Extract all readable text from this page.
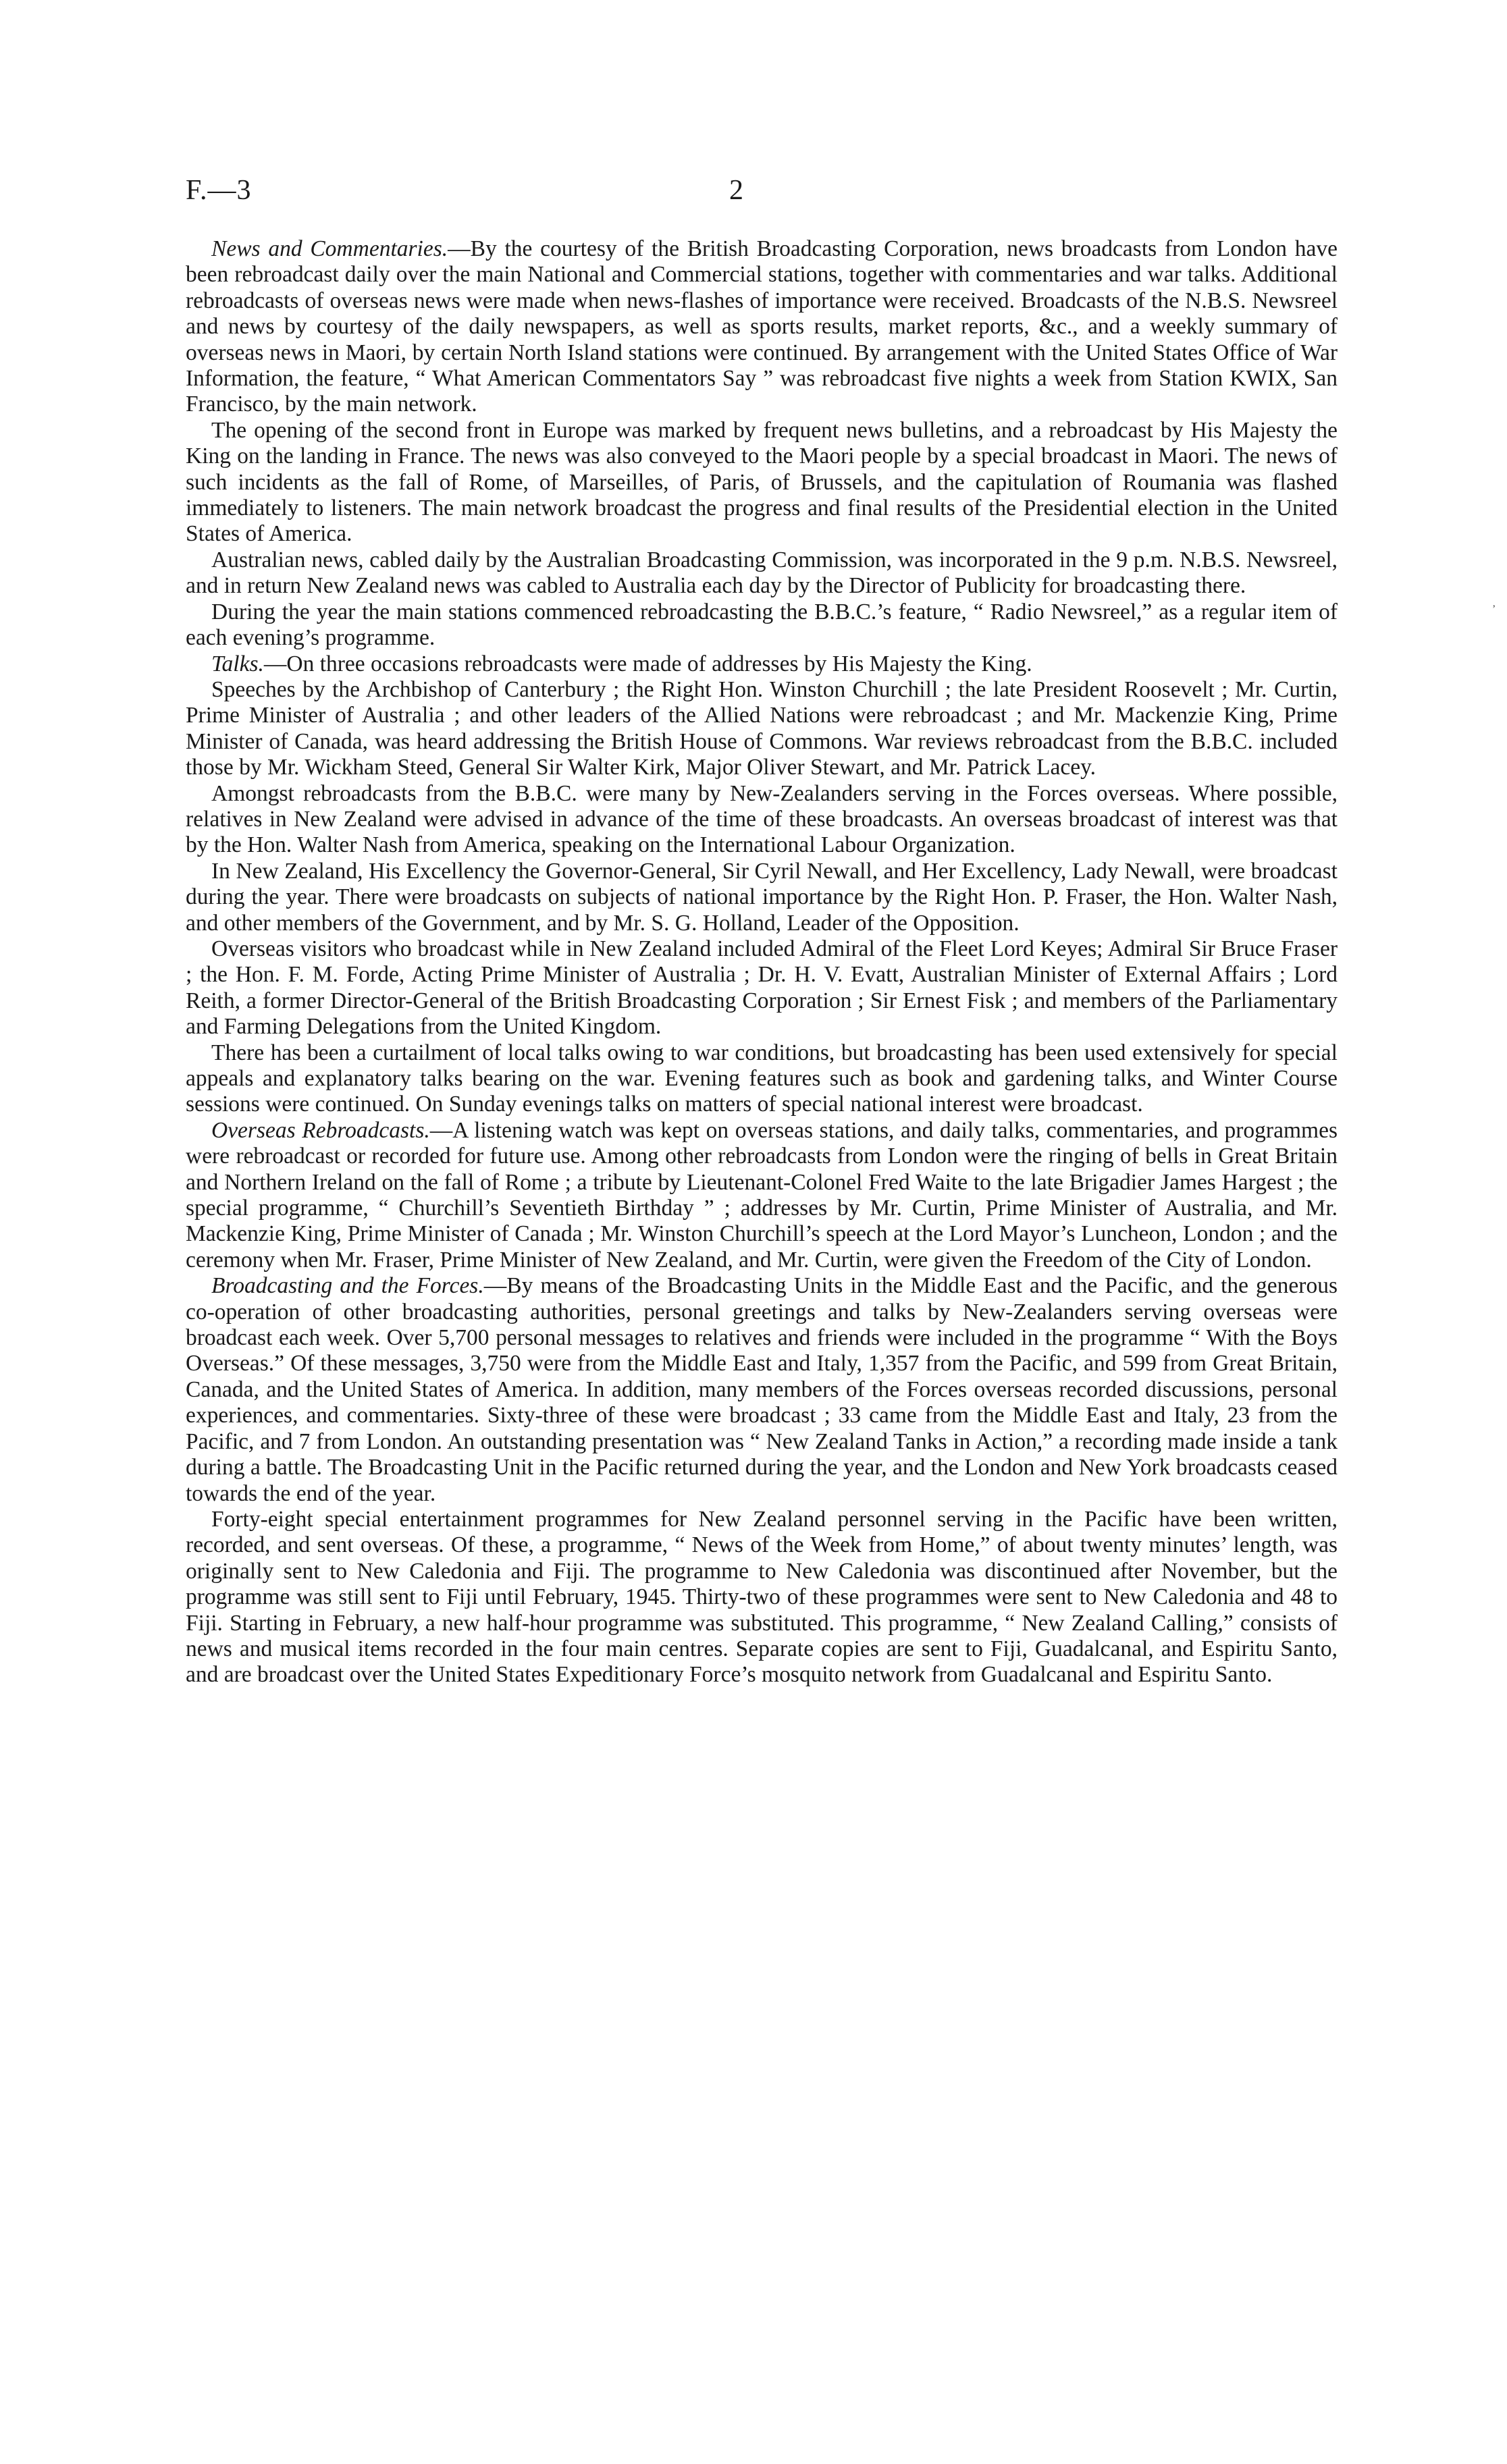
F.—3	2

News and Commentaries.—By the courtesy of the British Broadcasting Corporation, news broadcasts from London have been rebroadcast daily over the main National and Commercial stations, together with commentaries and war talks. Additional rebroadcasts of overseas news were made when news-flashes of importance were received. Broadcasts of the N.B.S. Newsreel and news by courtesy of the daily newspapers, as well as sports results, market reports, &c., and a weekly summary of overseas news in Maori, by certain North Island stations were continued. By arrangement with the United States Office of War Information, the feature, “ What American Commentators Say ” was rebroadcast five nights a week from Station KWIX, San Francisco, by the main network.

The opening of the second front in Europe was marked by frequent news bulletins, and a rebroadcast by His Majesty the King on the landing in France. The news was also conveyed to the Maori people by a special broadcast in Maori. The news of such incidents as the fall of Rome, of Marseilles, of Paris, of Brussels, and the capitulation of Roumania was flashed immediately to listeners. The main network broadcast the progress and final results of the Presidential election in the United States of America.

Australian news, cabled daily by the Australian Broadcasting Commission, was incorporated in the 9 p.m. N.B.S. Newsreel, and in return New Zealand news was cabled to Australia each day by the Director of Publicity for broadcasting there.

During the year the main stations commenced rebroadcasting the B.B.C.’s feature, “ Radio Newsreel,” as a regular item of each evening’s programme.

Talks.—On three occasions rebroadcasts were made of addresses by His Majesty the King.

Speeches by the Archbishop of Canterbury ; the Right Hon. Winston Churchill ; the late President Roosevelt ; Mr. Curtin, Prime Minister of Australia ; and other leaders of the Allied Nations were rebroadcast ; and Mr. Mackenzie King, Prime Minister of Canada, was heard addressing the British House of Commons. War reviews rebroadcast from the B.B.C. included those by Mr. Wickham Steed, General Sir Walter Kirk, Major Oliver Stewart, and Mr. Patrick Lacey.

Amongst rebroadcasts from the B.B.C. were many by New-Zealanders serving in the Forces overseas. Where possible, relatives in New Zealand were advised in advance of the time of these broadcasts. An overseas broadcast of interest was that by the Hon. Walter Nash from America, speaking on the International Labour Organization.

In New Zealand, His Excellency the Governor-General, Sir Cyril Newall, and Her Excellency, Lady Newall, were broadcast during the year. There were broadcasts on subjects of national importance by the Right Hon. P. Fraser, the Hon. Walter Nash, and other members of the Government, and by Mr. S. G. Holland, Leader of the Opposition.

Overseas visitors who broadcast while in New Zealand included Admiral of the Fleet Lord Keyes; Admiral Sir Bruce Fraser ; the Hon. F. M. Forde, Acting Prime Minister of Australia ; Dr. H. V. Evatt, Australian Minister of External Affairs ; Lord Reith, a former Director-General of the British Broadcasting Corporation ; Sir Ernest Fisk ; and members of the Parliamentary and Farming Delegations from the United Kingdom.

There has been a curtailment of local talks owing to war conditions, but broadcasting has been used extensively for special appeals and explanatory talks bearing on the war. Evening features such as book and gardening talks, and Winter Course sessions were continued. On Sunday evenings talks on matters of special national interest were broadcast.

Overseas Rebroadcasts.—A listening watch was kept on overseas stations, and daily talks, commentaries, and programmes were rebroadcast or recorded for future use. Among other rebroadcasts from London were the ringing of bells in Great Britain and Northern Ireland on the fall of Rome ; a tribute by Lieutenant-Colonel Fred Waite to the late Brigadier James Hargest ; the special programme, “ Churchill’s Seventieth Birthday ” ; addresses by Mr. Curtin, Prime Minister of Australia, and Mr. Mackenzie King, Prime Minister of Canada ; Mr. Winston Churchill’s speech at the Lord Mayor’s Luncheon, London ; and the ceremony when Mr. Fraser, Prime Minister of New Zealand, and Mr. Curtin, were given the Freedom of the City of London.

Broadcasting and the Forces.—By means of the Broadcasting Units in the Middle East and the Pacific, and the generous co-operation of other broadcasting authorities, personal greetings and talks by New-Zealanders serving overseas were broadcast each week. Over 5,700 personal messages to relatives and friends were included in the programme “ With the Boys Overseas.” Of these messages, 3,750 were from the Middle East and Italy, 1,357 from the Pacific, and 599 from Great Britain, Canada, and the United States of America. In addition, many members of the Forces overseas recorded discussions, personal experiences, and commentaries. Sixty-three of these were broadcast ; 33 came from the Middle East and Italy, 23 from the Pacific, and 7 from London. An outstanding presentation was “ New Zealand Tanks in Action,” a recording made inside a tank during a battle. The Broadcasting Unit in the Pacific returned during the year, and the London and New York broadcasts ceased towards the end of the year.

Forty-eight special entertainment programmes for New Zealand personnel serving in the Pacific have been written, recorded, and sent overseas. Of these, a programme, “ News of the Week from Home,” of about twenty minutes’ length, was originally sent to New Caledonia and Fiji. The programme to New Caledonia was discontinued after November, but the programme was still sent to Fiji until February, 1945. Thirty-two of these programmes were sent to New Caledonia and 48 to Fiji. Starting in February, a new half-hour programme was substituted. This programme, “ New Zealand Calling,” consists of news and musical items recorded in the four main centres. Separate copies are sent to Fiji, Guadalcanal, and Espiritu Santo, and are broadcast over the United States Expeditionary Force’s mosquito network from Guadalcanal and Espiritu Santo.

’
